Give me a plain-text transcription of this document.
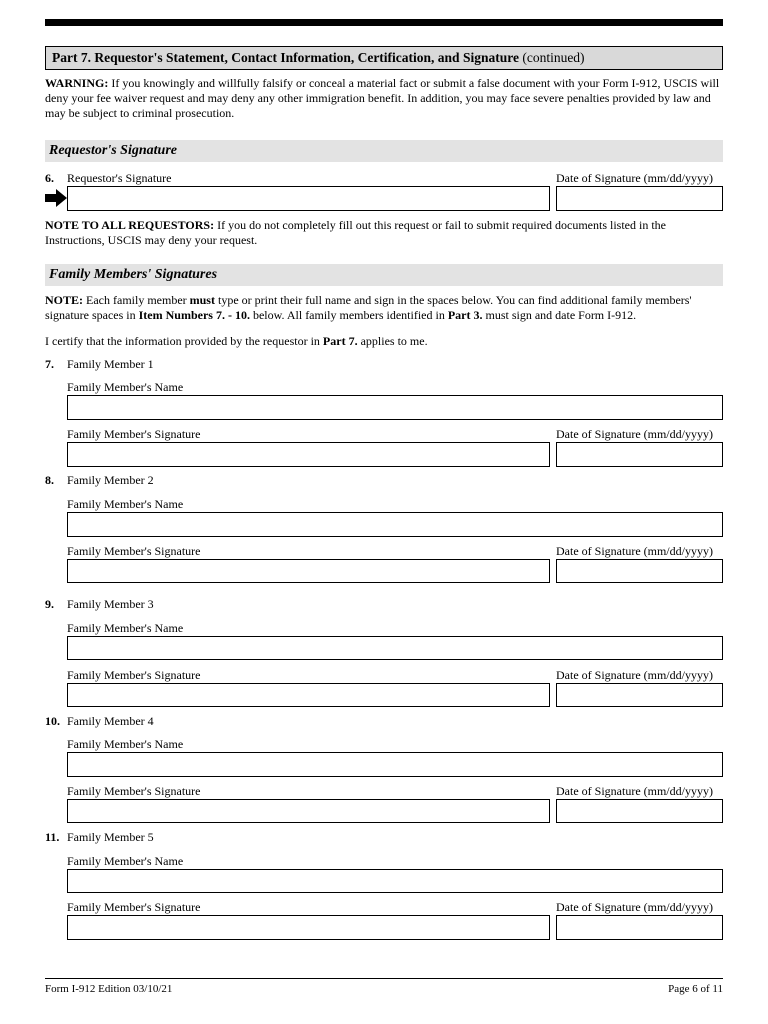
Part 7. Requestor's Statement, Contact Information, Certification, and Signature (continued)
WARNING: If you knowingly and willfully falsify or conceal a material fact or submit a false document with your Form I-912, USCIS will deny your fee waiver request and may deny any other immigration benefit. In addition, you may face severe penalties provided by law and may be subject to criminal prosecution.
Requestor's Signature
6. Requestor's Signature	Date of Signature (mm/dd/yyyy)
NOTE TO ALL REQUESTORS: If you do not completely fill out this request or fail to submit required documents listed in the Instructions, USCIS may deny your request.
Family Members' Signatures
NOTE: Each family member must type or print their full name and sign in the spaces below. You can find additional family members' signature spaces in Item Numbers 7. - 10. below. All family members identified in Part 3. must sign and date Form I-912.
I certify that the information provided by the requestor in Part 7. applies to me.
7. Family Member 1
Family Member's Name
Family Member's Signature	Date of Signature (mm/dd/yyyy)
8. Family Member 2
Family Member's Name
Family Member's Signature	Date of Signature (mm/dd/yyyy)
9. Family Member 3
Family Member's Name
Family Member's Signature	Date of Signature (mm/dd/yyyy)
10. Family Member 4
Family Member's Name
Family Member's Signature	Date of Signature (mm/dd/yyyy)
11. Family Member 5
Family Member's Name
Family Member's Signature	Date of Signature (mm/dd/yyyy)
Form I-912 Edition 03/10/21	Page 6 of 11
